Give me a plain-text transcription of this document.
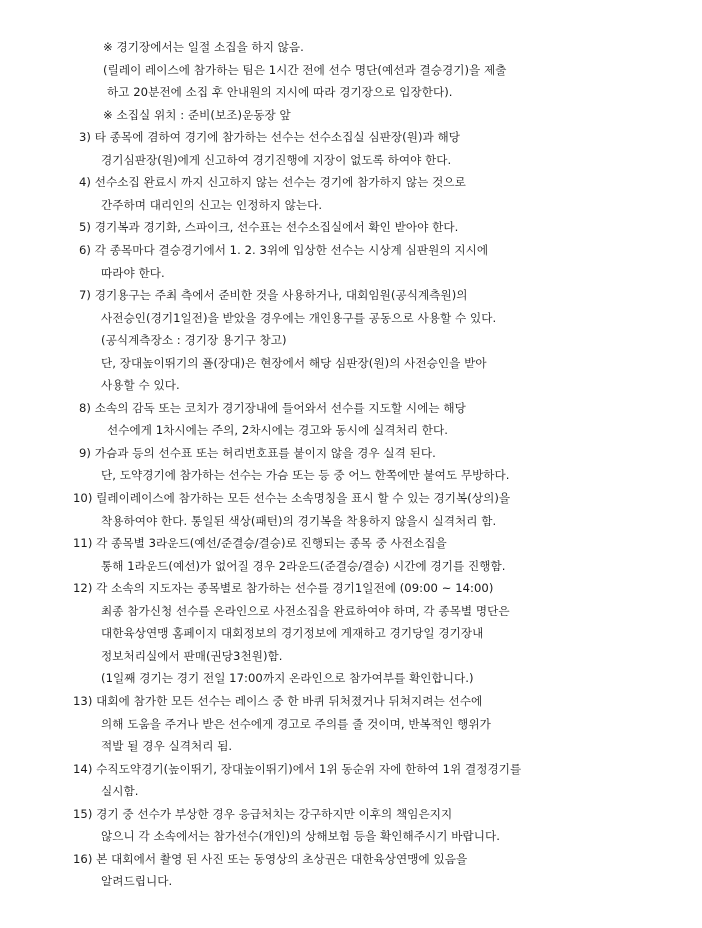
※ 경기장에서는 일절 소집을 하지 않음.
(릴레이 레이스에 참가하는 팀은 1시간 전에 선수 명단(예선과 결승경기)을 제출
하고 20분전에 소집 후 안내원의 지시에 따라 경기장으로 입장한다).
※ 소집실 위치 : 준비(보조)운동장 앞
3) 타 종목에 겸하여 경기에 참가하는 선수는 선수소집실 심판장(원)과 해당
경기심판장(원)에게 신고하여 경기진행에 지장이 없도록 하여야 한다.
4) 선수소집 완료시 까지 신고하지 않는 선수는 경기에 참가하지 않는 것으로
간주하며 대리인의 신고는 인정하지 않는다.
5) 경기복과 경기화, 스파이크, 선수표는 선수소집실에서 확인 받아야 한다.
6) 각 종목마다 결승경기에서 1. 2. 3위에 입상한 선수는 시상계 심판원의 지시에
따라야 한다.
7) 경기용구는 주최 측에서 준비한 것을 사용하거나, 대회임원(공식계측원)의
사전승인(경기1일전)을 받았을 경우에는 개인용구를 공동으로 사용할 수 있다.
(공식계측장소 : 경기장 용기구 창고)
단, 장대높이뛰기의 폴(장대)은 현장에서 해당 심판장(원)의 사전승인을 받아
사용할 수 있다.
8) 소속의 감독 또는 코치가 경기장내에 들어와서 선수를 지도할 시에는 해당
선수에게 1차시에는 주의, 2차시에는 경고와 동시에 실격처리 한다.
9) 가슴과 등의 선수표 또는 허리번호표를 붙이지 않을 경우 실격 된다.
단, 도약경기에 참가하는 선수는 가슴 또는 등 중 어느 한쪽에만 붙여도 무방하다.
10) 릴레이레이스에 참가하는 모든 선수는 소속명칭을 표시 할 수 있는 경기복(상의)을
착용하여야 한다. 통일된 색상(패턴)의 경기복을 착용하지 않을시 실격처리 함.
11) 각 종목별 3라운드(예선/준결승/결승)로 진행되는 종목 중 사전소집을
통해 1라운드(예선)가 없어질 경우 2라운드(준결승/결승) 시간에 경기를 진행함.
12) 각 소속의 지도자는 종목별로 참가하는 선수를 경기1일전에 (09:00 ~ 14:00)
최종 참가신청 선수를 온라인으로 사전소집을 완료하여야 하며, 각 종목별 명단은
대한육상연맹 홈페이지 대회정보의 경기정보에 게재하고 경기당일 경기장내
정보처리실에서 판매(권당3천원)함.
(1일째 경기는 경기 전일 17:00까지 온라인으로 참가여부를 확인합니다.)
13) 대회에 참가한 모든 선수는 레이스 중 한 바퀴 뒤처졌거나 뒤쳐지려는 선수에
의해 도움을 주거나 받은 선수에게 경고로 주의를 줄 것이며, 반복적인 행위가
적발 될 경우 실격처리 됨.
14) 수직도약경기(높이뛰기, 장대높이뛰기)에서 1위 동순위 자에 한하여 1위 결정경기를
실시함.
15) 경기 중 선수가 부상한 경우 응급처치는 강구하지만 이후의 책임은지지
않으니 각 소속에서는 참가선수(개인)의 상해보험 등을 확인해주시기 바랍니다.
16) 본 대회에서 촬영 된 사진 또는 동영상의 초상권은 대한육상연맹에 있음을
알려드립니다.
